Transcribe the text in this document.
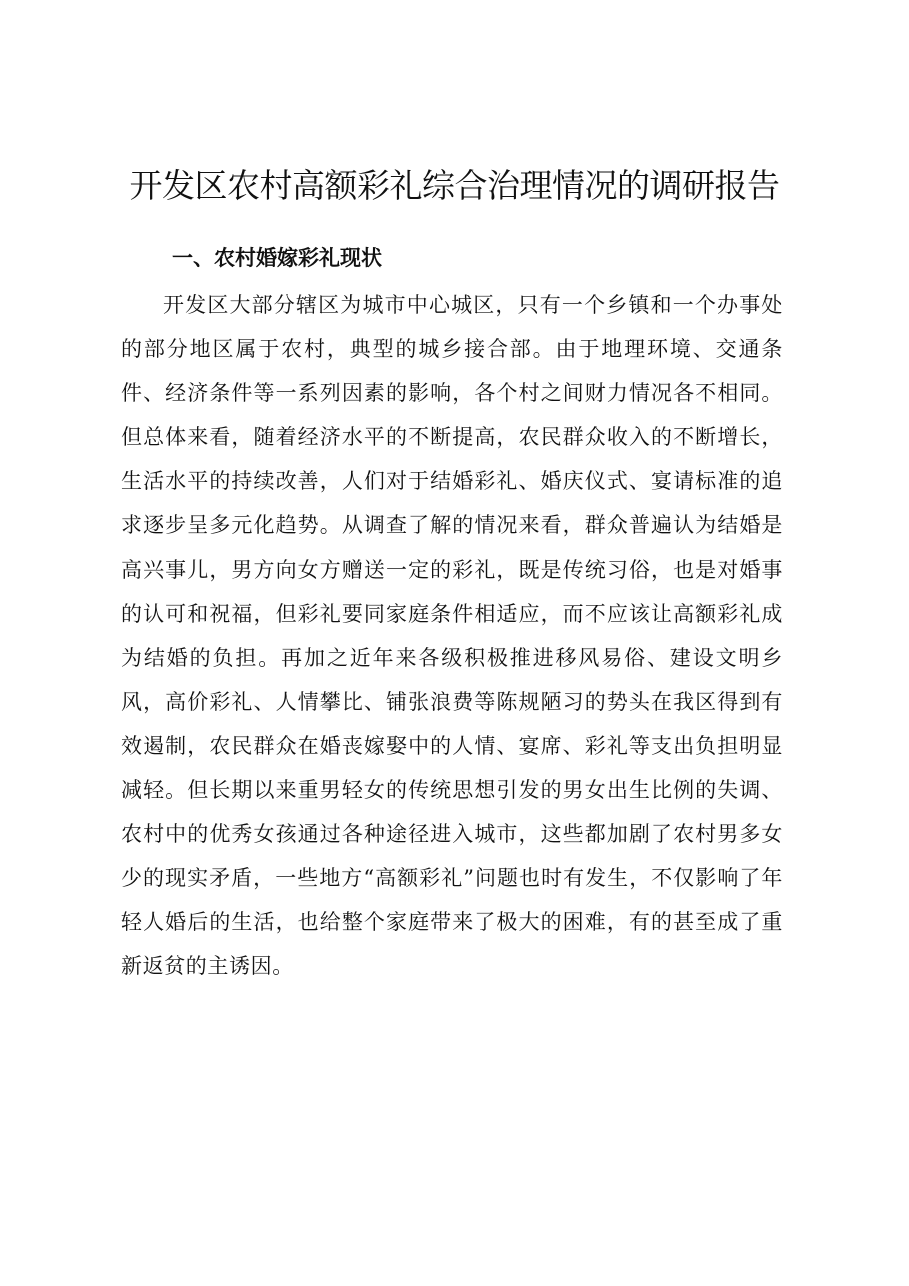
开发区农村高额彩礼综合治理情况的调研报告
一、农村婚嫁彩礼现状

开发区大部分辖区为城市中心城区，只有一个乡镇和一个办事处的部分地区属于农村，典型的城乡接合部。由于地理环境、交通条件、经济条件等一系列因素的影响，各个村之间财力情况各不相同。但总体来看，随着经济水平的不断提高，农民群众收入的不断增长，生活水平的持续改善，人们对于结婚彩礼、婚庆仪式、宴请标准的追求逐步呈多元化趋势。从调查了解的情况来看，群众普遍认为结婚是高兴事儿，男方向女方赠送一定的彩礼，既是传统习俗，也是对婚事的认可和祝福，但彩礼要同家庭条件相适应，而不应该让高额彩礼成为结婚的负担。再加之近年来各级积极推进移风易俗、建设文明乡风，高价彩礼、人情攀比、铺张浪费等陈规陋习的势头在我区得到有效遏制，农民群众在婚丧嫁娶中的人情、宴席、彩礼等支出负担明显减轻。但长期以来重男轻女的传统思想引发的男女出生比例的失调、农村中的优秀女孩通过各种途径进入城市，这些都加剧了农村男多女少的现实矛盾，一些地方“高额彩礼”问题也时有发生，不仅影响了年轻人婚后的生活，也给整个家庭带来了极大的困难，有的甚至成了重新返贫的主诱因。
